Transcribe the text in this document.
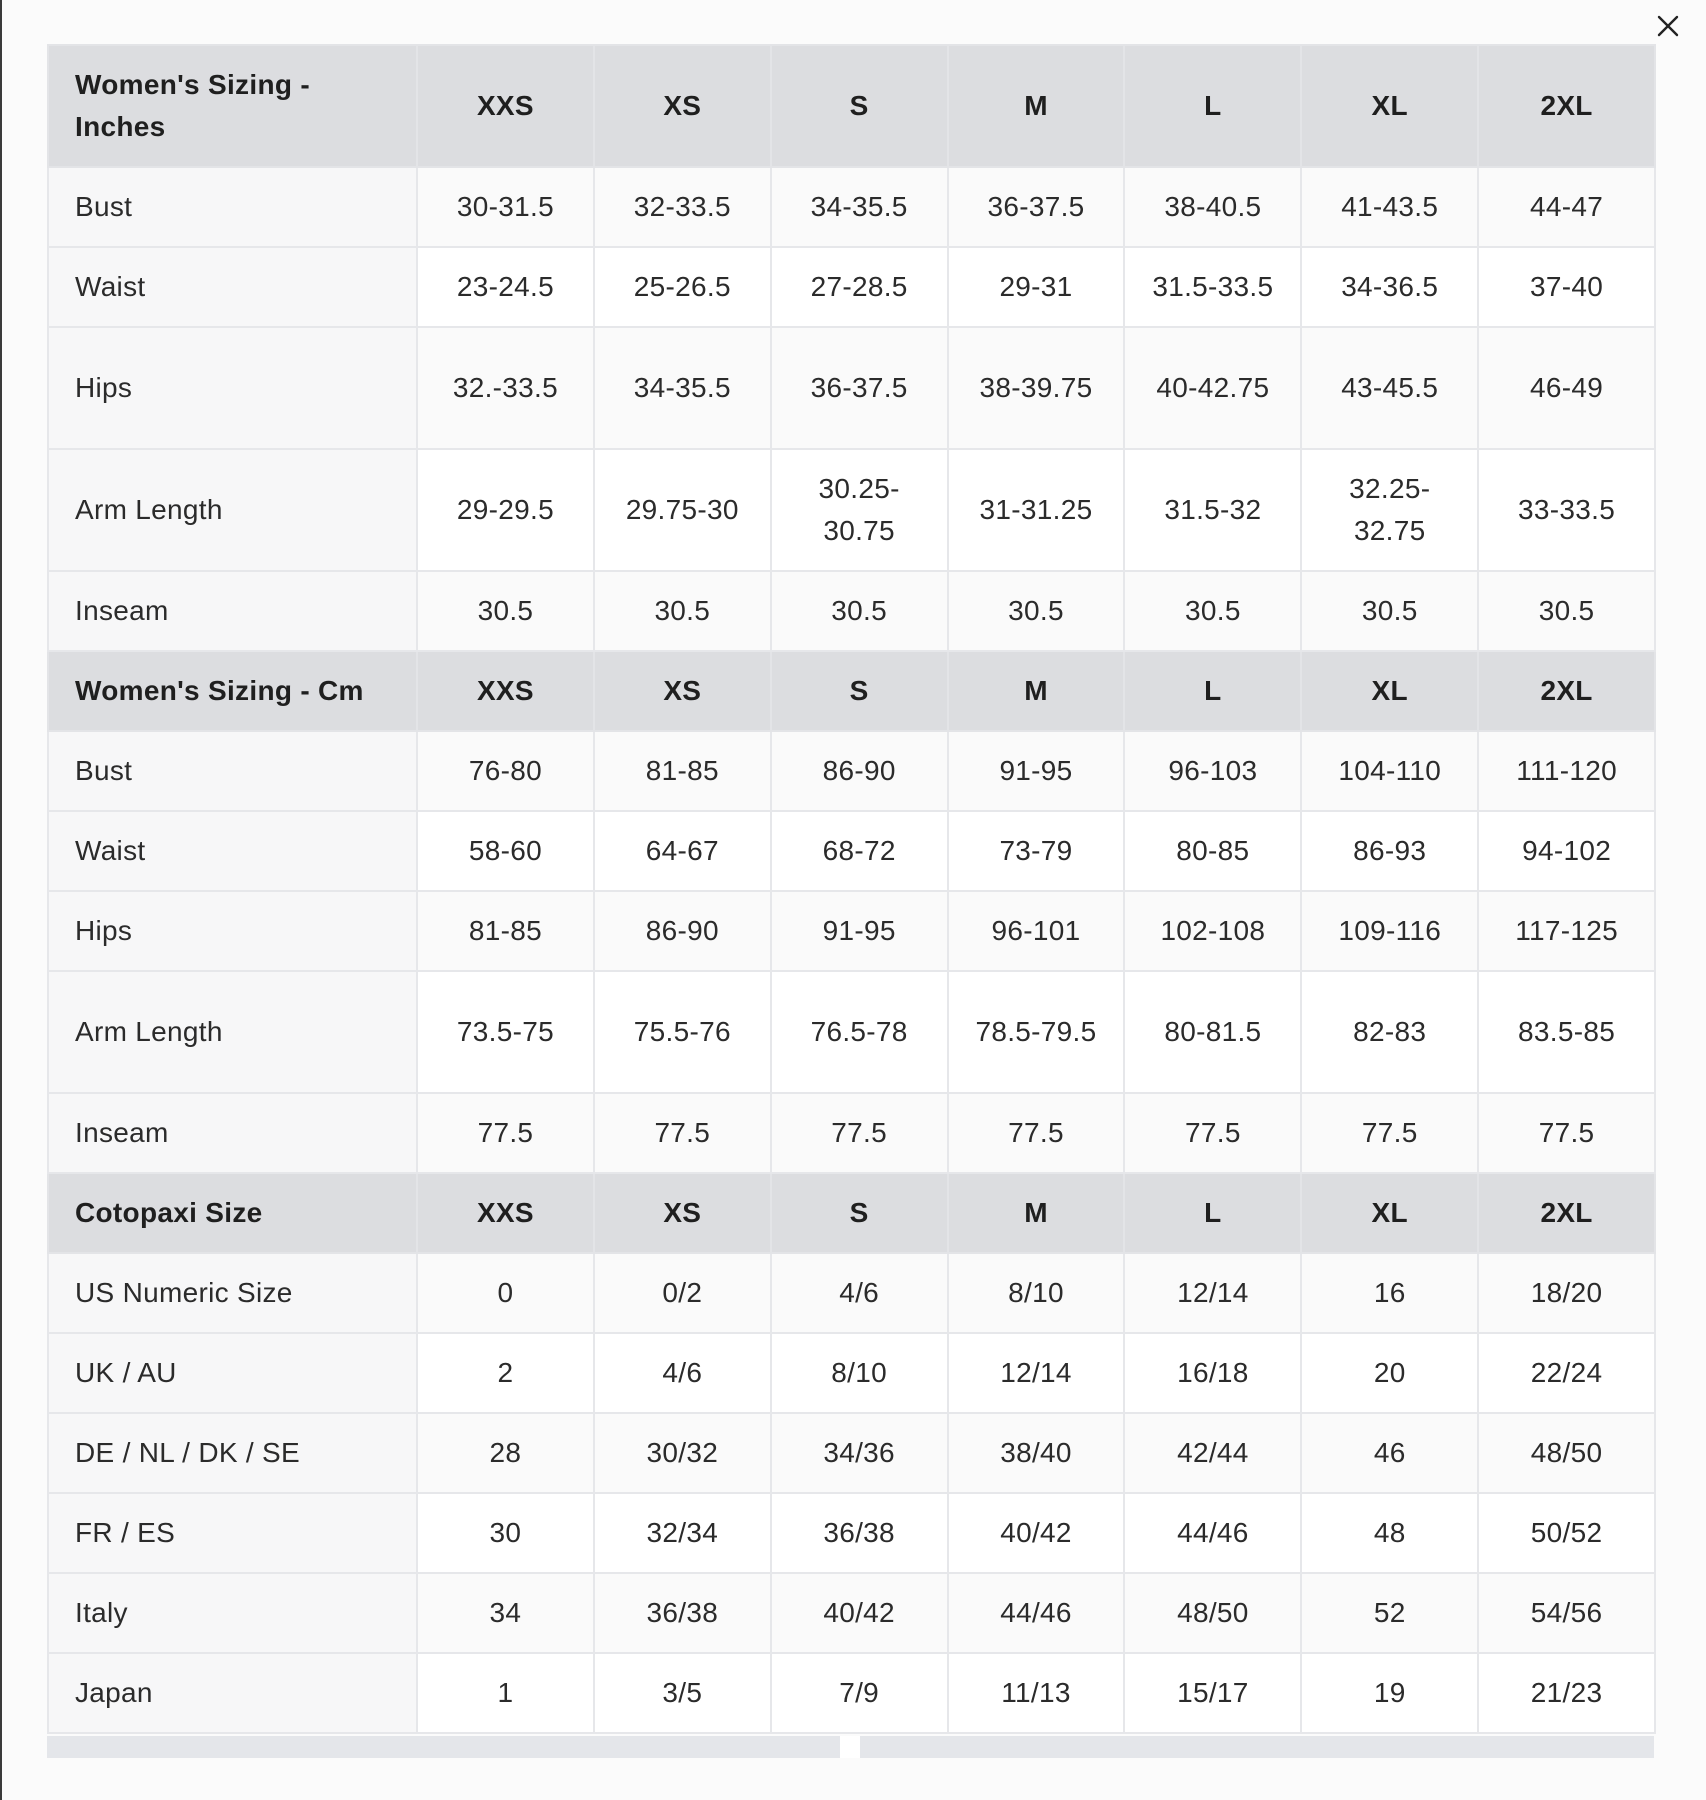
Women's Sizing - Inches	XXS	XS	S	M	L	XL	2XL
Bust	30-31.5	32-33.5	34-35.5	36-37.5	38-40.5	41-43.5	44-47
Waist	23-24.5	25-26.5	27-28.5	29-31	31.5-33.5	34-36.5	37-40
Hips	32.-33.5	34-35.5	36-37.5	38-39.75	40-42.75	43-45.5	46-49
Arm Length	29-29.5	29.75-30	30.25-30.75	31-31.25	31.5-32	32.25-32.75	33-33.5
Inseam	30.5	30.5	30.5	30.5	30.5	30.5	30.5
Women's Sizing - Cm	XXS	XS	S	M	L	XL	2XL
Bust	76-80	81-85	86-90	91-95	96-103	104-110	111-120
Waist	58-60	64-67	68-72	73-79	80-85	86-93	94-102
Hips	81-85	86-90	91-95	96-101	102-108	109-116	117-125
Arm Length	73.5-75	75.5-76	76.5-78	78.5-79.5	80-81.5	82-83	83.5-85
Inseam	77.5	77.5	77.5	77.5	77.5	77.5	77.5
Cotopaxi Size	XXS	XS	S	M	L	XL	2XL
US Numeric Size	0	0/2	4/6	8/10	12/14	16	18/20
UK / AU	2	4/6	8/10	12/14	16/18	20	22/24
DE / NL / DK / SE	28	30/32	34/36	38/40	42/44	46	48/50
FR / ES	30	32/34	36/38	40/42	44/46	48	50/52
Italy	34	36/38	40/42	44/46	48/50	52	54/56
Japan	1	3/5	7/9	11/13	15/17	19	21/23
